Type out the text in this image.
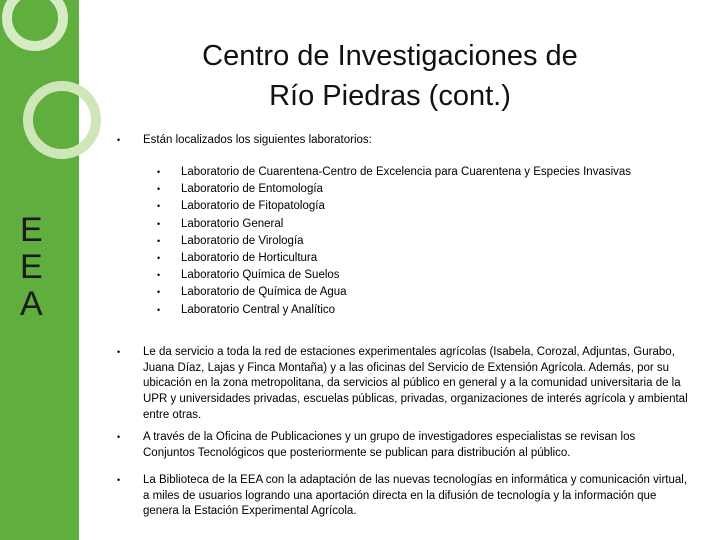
E
E
A
Centro de Investigaciones de
Río Piedras (cont.)
• Están localizados los siguientes laboratorios:
• Laboratorio de Cuarentena-Centro de Excelencia para Cuarentena y Especies Invasivas
• Laboratorio de Entomología
• Laboratorio de Fitopatología
• Laboratorio General
• Laboratorio de Virología
• Laboratorio de Horticultura
• Laboratorio Química de Suelos
• Laboratorio de Química de Agua
• Laboratorio Central y Analítico
• Le da servicio a toda la red de estaciones experimentales agrícolas (Isabela, Corozal, Adjuntas, Gurabo, Juana Díaz, Lajas y Finca Montaña) y a las oficinas del Servicio de Extensión Agrícola. Además, por su ubicación en la zona metropolitana, da servicios al público en general y a la comunidad universitaria de la UPR y universidades privadas, escuelas públicas, privadas, organizaciones de interés agrícola y ambiental entre otras.
• A través de la Oficina de Publicaciones y un grupo de investigadores especialistas se revisan los Conjuntos Tecnológicos que posteriormente se publican para distribución al público.
• La Biblioteca de la EEA con la adaptación de las nuevas tecnologías en informática y comunicación virtual, a miles de usuarios logrando una aportación directa en la difusión de tecnología y la información que genera la Estación Experimental Agrícola.
